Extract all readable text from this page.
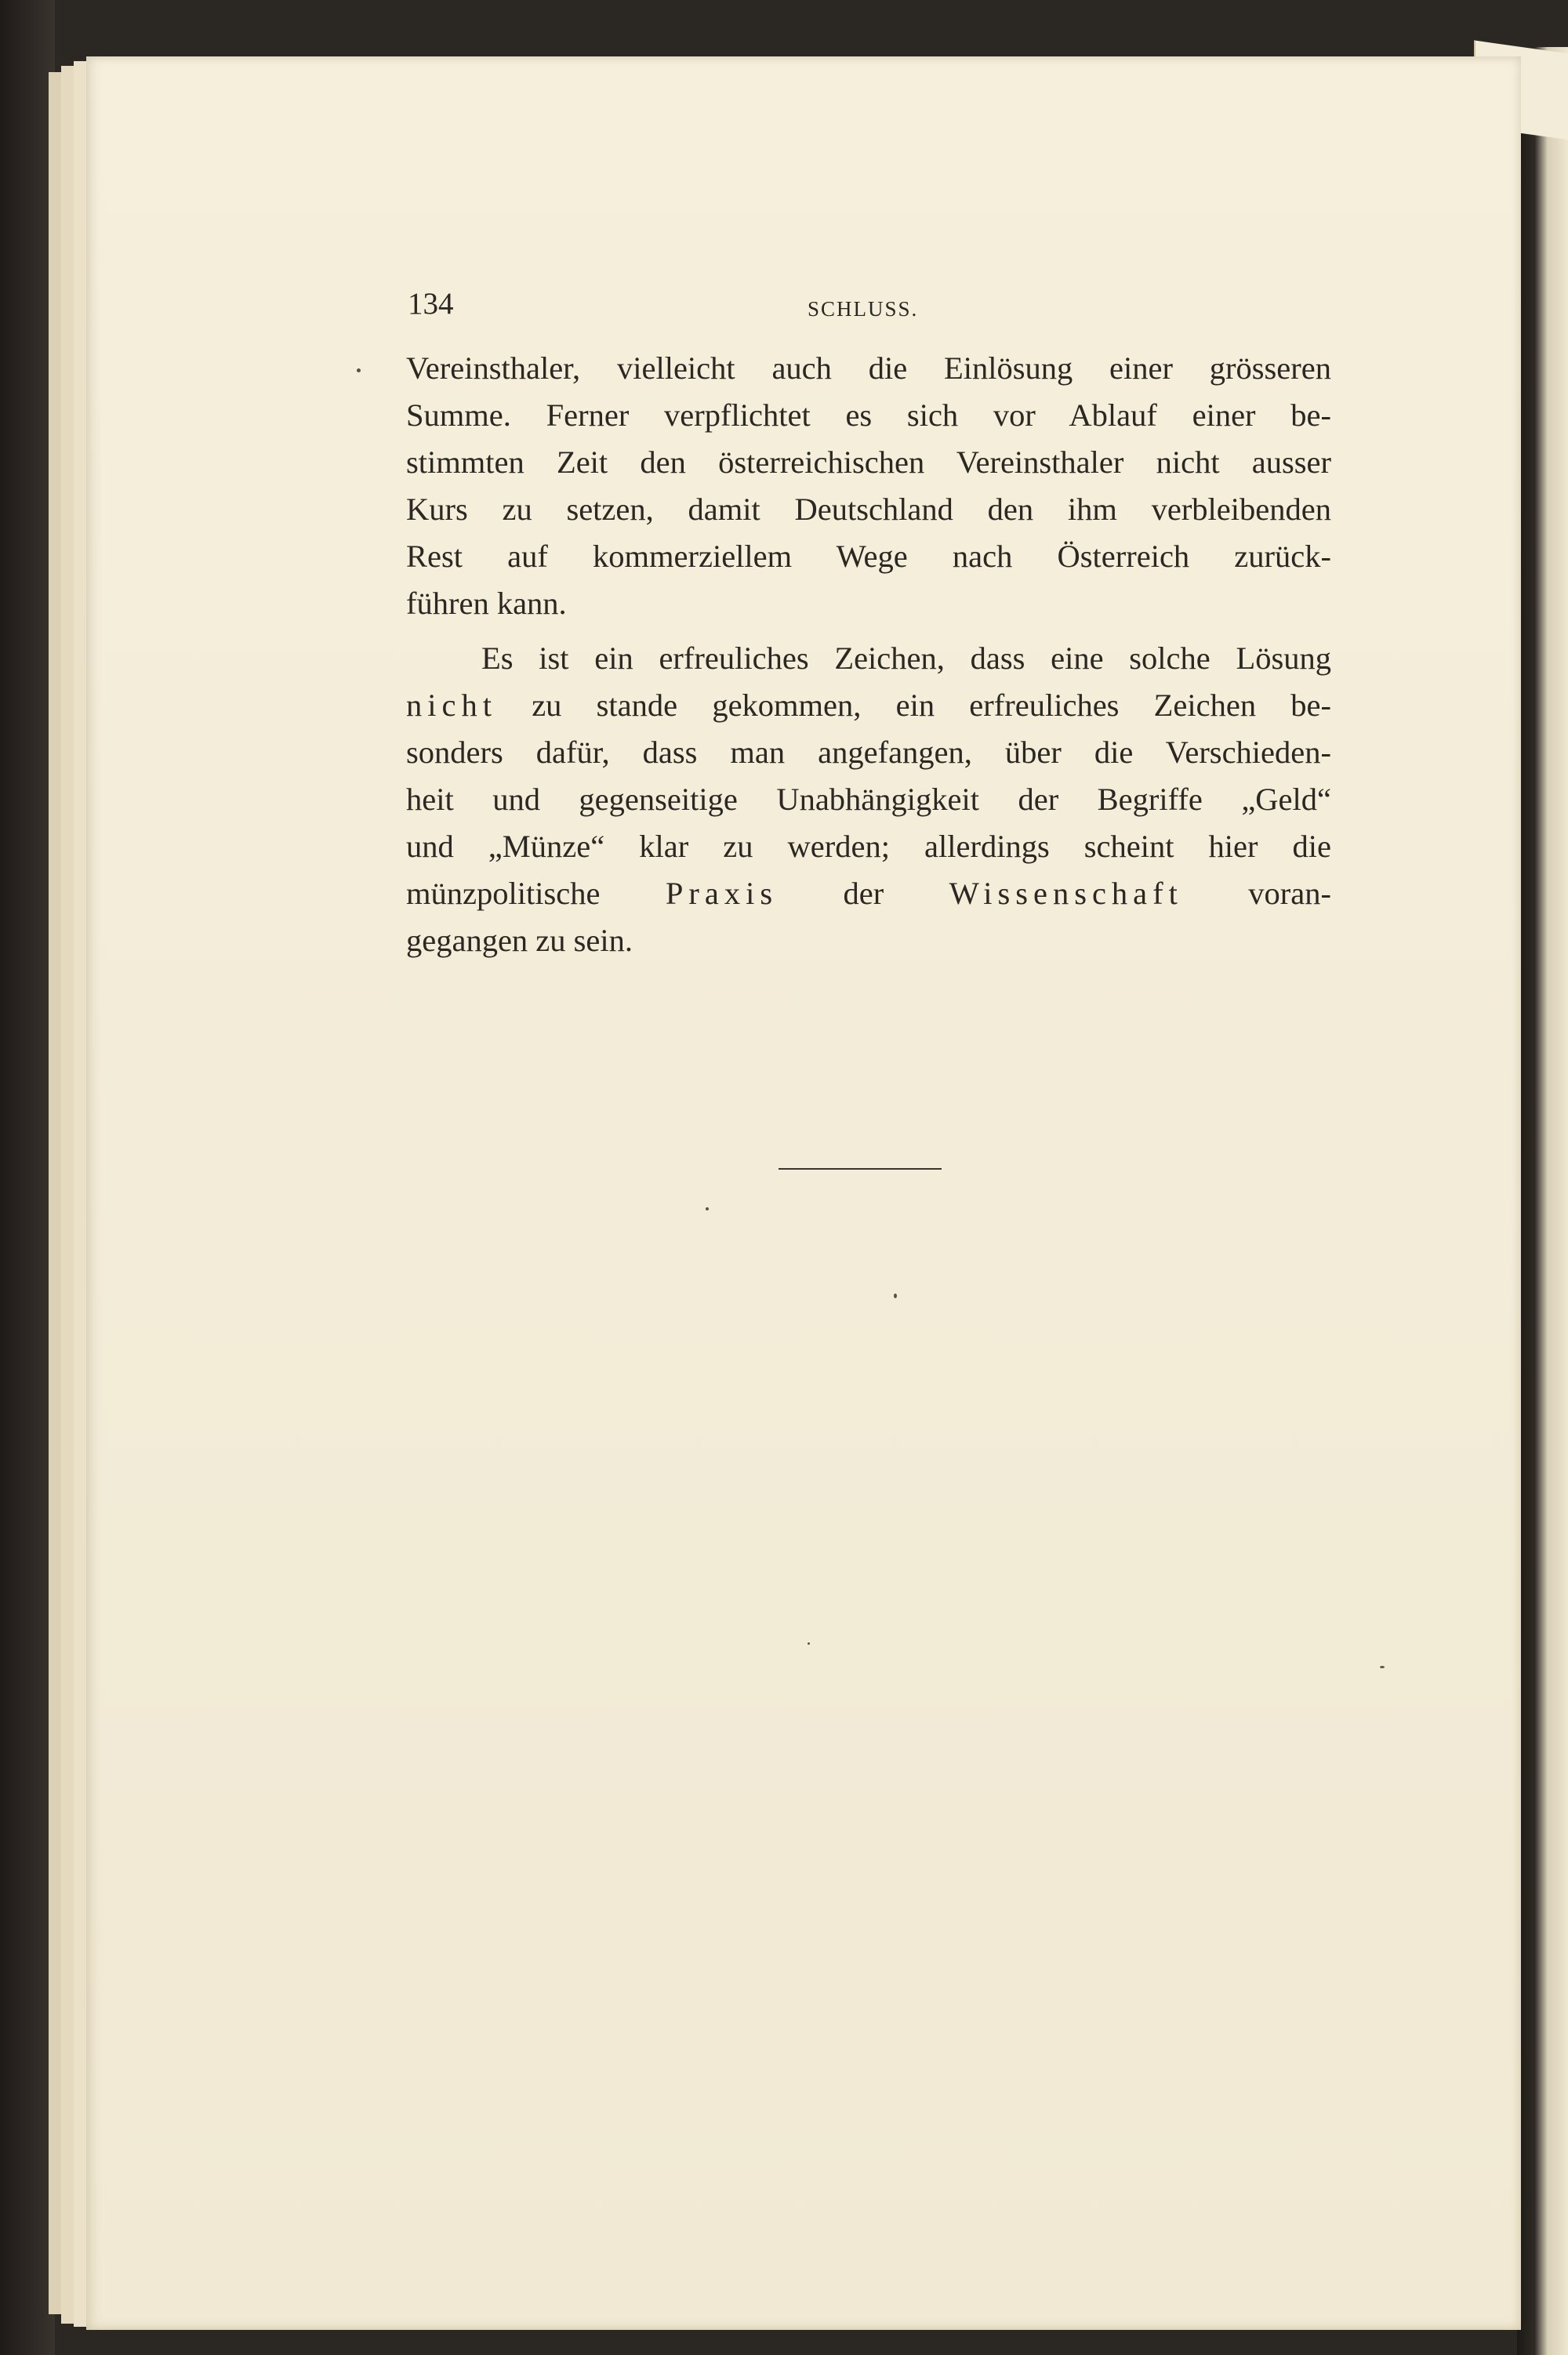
134	SCHLUSS.
Vereinsthaler, vielleicht auch die Einlösung einer grösseren
Summe. Ferner verpflichtet es sich vor Ablauf einer be-
stimmten Zeit den österreichischen Vereinsthaler nicht ausser
Kurs zu setzen, damit Deutschland den ihm verbleibenden
Rest auf kommerziellem Wege nach Österreich zurück-
führen kann.
Es ist ein erfreuliches Zeichen, dass eine solche Lösung
nicht zu stande gekommen, ein erfreuliches Zeichen be-
sonders dafür, dass man angefangen, über die Verschieden-
heit und gegenseitige Unabhängigkeit der Begriffe „Geld“
und „Münze“ klar zu werden; allerdings scheint hier die
münzpolitische Praxis der Wissenschaft voran-
gegangen zu sein.
